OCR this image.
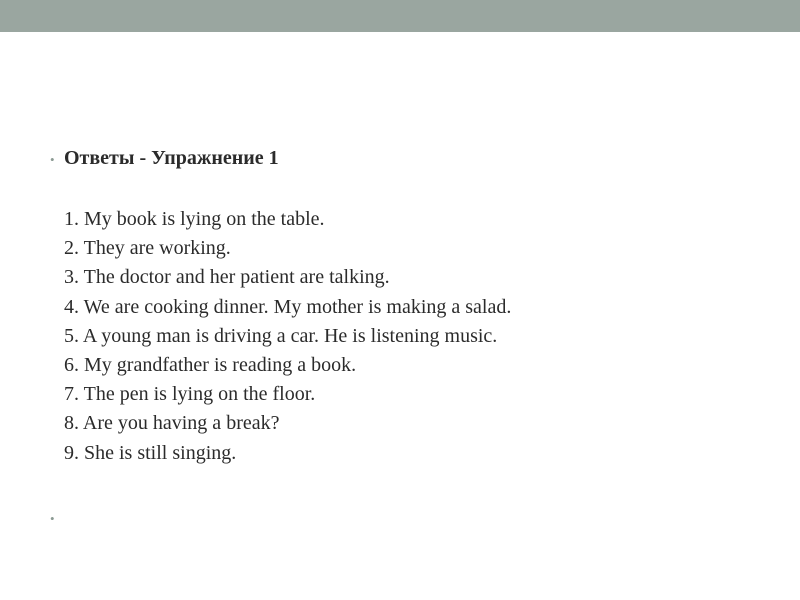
• Ответы - Упражнение 1
1. My book is lying on the table.
2. They are working.
3. The doctor and her patient are talking.
4. We are cooking dinner. My mother is making a salad.
5. A young man is driving a car. He is listening music.
6. My grandfather is reading a book.
7. The pen is lying on the floor.
8. Are you having a break?
9. She is still singing.
•
